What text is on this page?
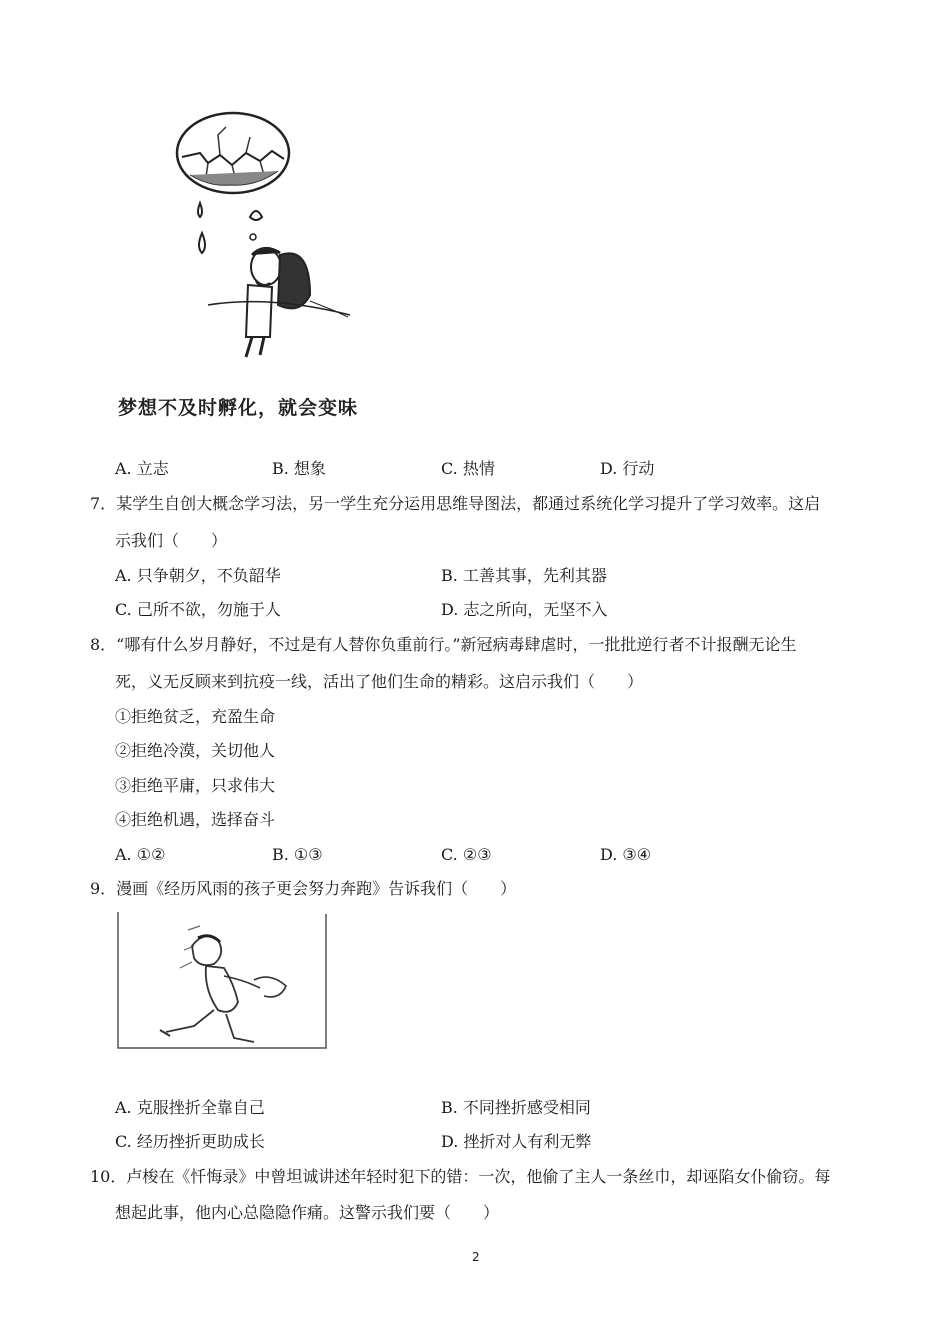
梦想不及时孵化，就会变味
A. 立志	B. 想象	C. 热情	D. 行动
7．某学生自创大概念学习法，另一学生充分运用思维导图法，都通过系统化学习提升了学习效率。这启
示我们（　　）
A. 只争朝夕，不负韶华	B. 工善其事，先利其器
C. 己所不欲，勿施于人	D. 志之所向，无坚不入
8．“哪有什么岁月静好，不过是有人替你负重前行。”新冠病毒肆虐时，一批批逆行者不计报酬无论生
死，义无反顾来到抗疫一线，活出了他们生命的精彩。这启示我们（　　）
①拒绝贫乏，充盈生命
②拒绝冷漠，关切他人
③拒绝平庸，只求伟大
④拒绝机遇，选择奋斗
A. ①②	B. ①③	C. ②③	D. ③④
9．漫画《经历风雨的孩子更会努力奔跑》告诉我们（　　）
A. 克服挫折全靠自己	B. 不同挫折感受相同
C. 经历挫折更助成长	D. 挫折对人有利无弊
10．卢梭在《忏悔录》中曾坦诚讲述年轻时犯下的错：一次，他偷了主人一条丝巾，却诬陷女仆偷窃。每
想起此事，他内心总隐隐作痛。这警示我们要（　　）
2
